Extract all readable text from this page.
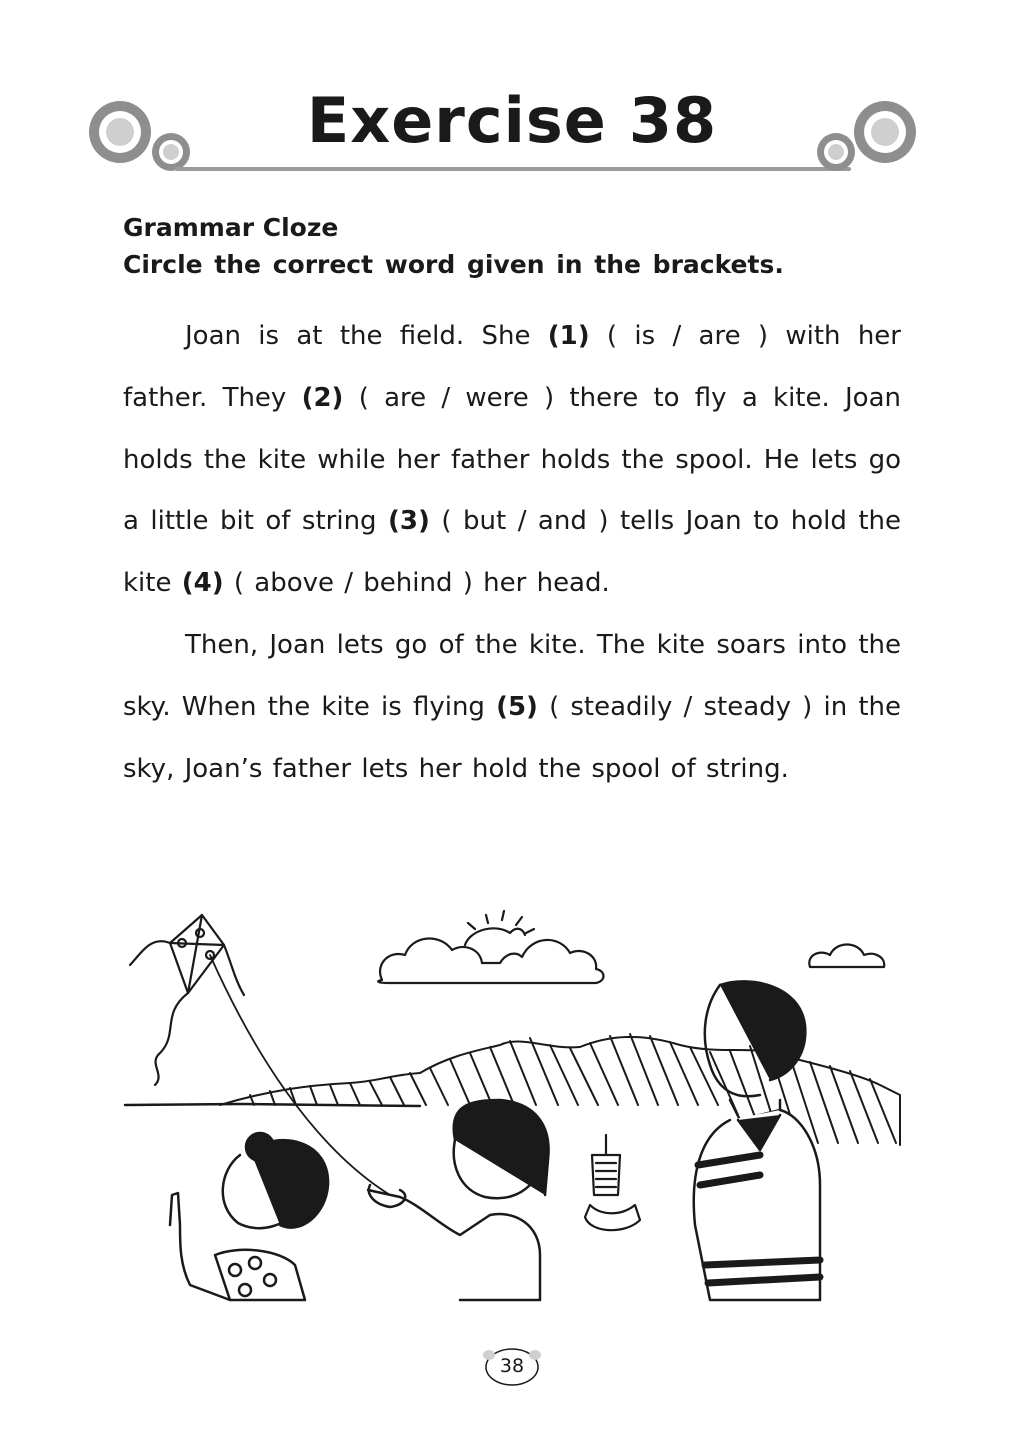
Exercise 38
Grammar Cloze
Circle the correct word given in the brackets.

Joan is at the field. She (1) ( is / are ) with her father. They (2) ( are / were ) there to fly a kite. Joan holds the kite while her father holds the spool. He lets go a little bit of string (3) ( but / and ) tells Joan to hold the kite (4) ( above / behind ) her head.

Then, Joan lets go of the kite. The kite soars into the sky. When the kite is flying (5) ( steadily / steady ) in the sky, Joan’s father lets her hold the spool of string.

38
